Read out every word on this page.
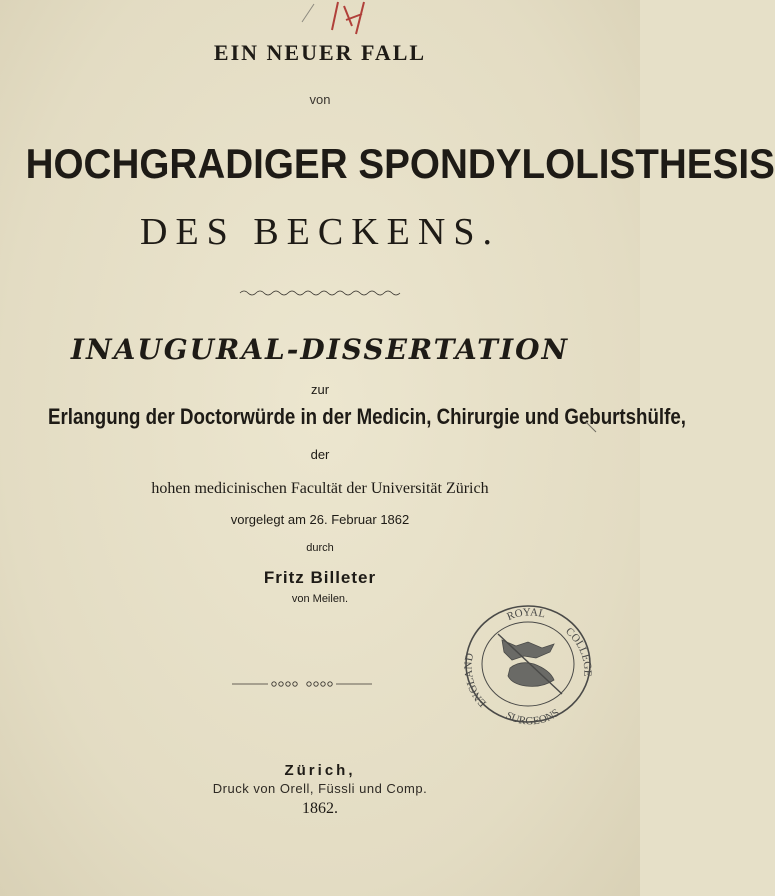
EIN NEUER FALL
von
HOCHGRADIGER SPONDYLOLISTHESIS
DES BECKENS.
INAUGURAL-DISSERTATION
zur
Erlangung der Doctorwürde in der Medicin, Chirurgie und Geburtshülfe,
der
hohen medicinischen Facultät der Universität Zürich
vorgelegt am 26. Februar 1862
durch
Fritz Billeter
von Meilen.
Zürich,
Druck von Orell, Füssli und Comp.
1862.
ROYAL
COLLEGE
SURGEONS
ENGLAND
